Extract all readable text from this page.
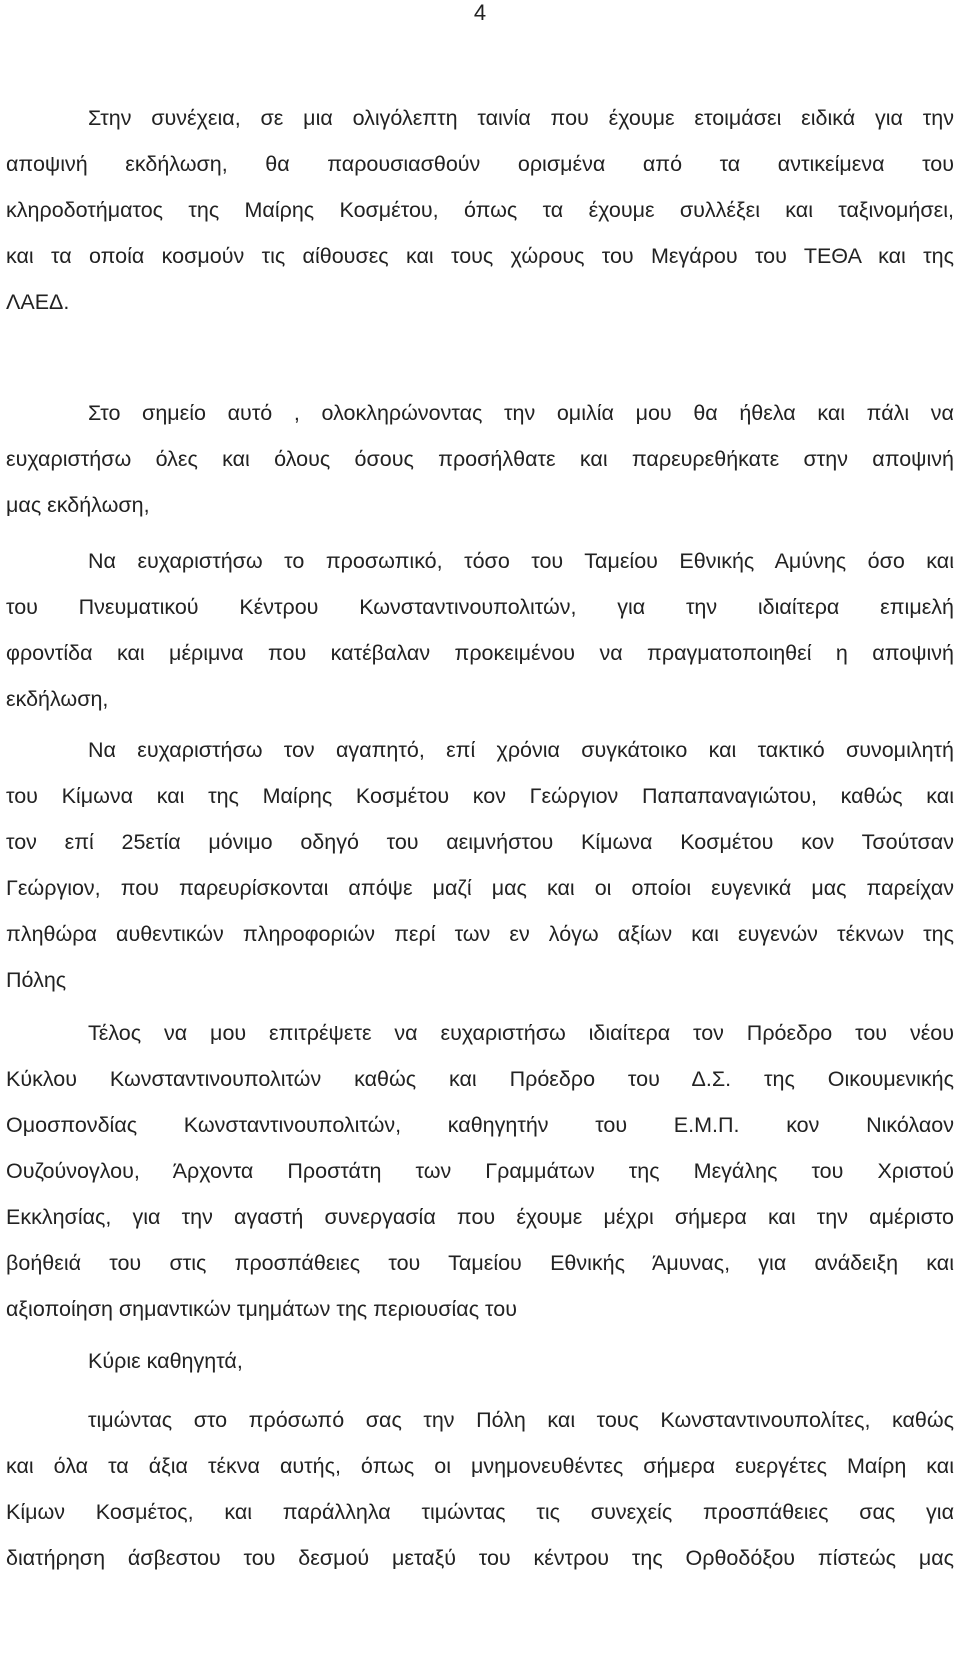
4
Στην συνέχεια, σε μια ολιγόλεπτη ταινία που έχουμε ετοιμάσει ειδικά για την
αποψινή εκδήλωση, θα παρουσιασθούν ορισμένα από τα αντικείμενα του
κληροδοτήματος της Μαίρης Κοσμέτου, όπως τα έχουμε συλλέξει και ταξινομήσει,
και τα οποία κοσμούν τις αίθουσες και τους χώρους του Μεγάρου του ΤΕΘΑ και της
ΛΑΕΔ.
Στο σημείο αυτό , ολοκληρώνοντας την ομιλία μου θα ήθελα και πάλι να
ευχαριστήσω όλες και όλους όσους προσήλθατε και παρευρεθήκατε στην αποψινή
μας εκδήλωση,
Να ευχαριστήσω το προσωπικό, τόσο του Ταμείου Εθνικής Αμύνης όσο και
του Πνευματικού Κέντρου Κωνσταντινουπολιτών, για την ιδιαίτερα επιμελή
φροντίδα και μέριμνα που κατέβαλαν προκειμένου να πραγματοποιηθεί η αποψινή
εκδήλωση,
Να ευχαριστήσω τον αγαπητό, επί χρόνια συγκάτοικο και τακτικό συνομιλητή
του Κίμωνα και της Μαίρης Κοσμέτου κον Γεώργιον Παπαπαναγιώτου, καθώς και
τον επί 25ετία μόνιμο οδηγό του αειμνήστου Κίμωνα Κοσμέτου κον Τσούτσαν
Γεώργιον, που παρευρίσκονται απόψε μαζί μας και οι οποίοι ευγενικά μας παρείχαν
πληθώρα αυθεντικών πληροφοριών περί των εν λόγω αξίων και ευγενών τέκνων της
Πόλης
Τέλος να μου επιτρέψετε να ευχαριστήσω ιδιαίτερα τον Πρόεδρο του νέου
Κύκλου Κωνσταντινουπολιτών καθώς και Πρόεδρο του Δ.Σ. της Οικουμενικής
Ομοσπονδίας Κωνσταντινουπολιτών, καθηγητήν του Ε.Μ.Π. κον Νικόλαον
Ουζούνογλου, Άρχοντα Προστάτη των Γραμμάτων της Μεγάλης του Χριστού
Εκκλησίας, για την αγαστή συνεργασία που έχουμε μέχρι σήμερα και την αμέριστο
βοήθειά του στις προσπάθειες του Ταμείου Εθνικής Άμυνας, για ανάδειξη και
αξιοποίηση σημαντικών τμημάτων της περιουσίας του
Κύριε καθηγητά,
τιμώντας στο πρόσωπό σας την Πόλη και τους Κωνσταντινουπολίτες, καθώς
και όλα τα άξια τέκνα αυτής, όπως οι μνημονευθέντες σήμερα ευεργέτες Μαίρη και
Κίμων Κοσμέτος, και παράλληλα τιμώντας τις συνεχείς προσπάθειες σας για
διατήρηση άσβεστου του δεσμού μεταξύ του κέντρου της Ορθοδόξου πίστεώς μας
